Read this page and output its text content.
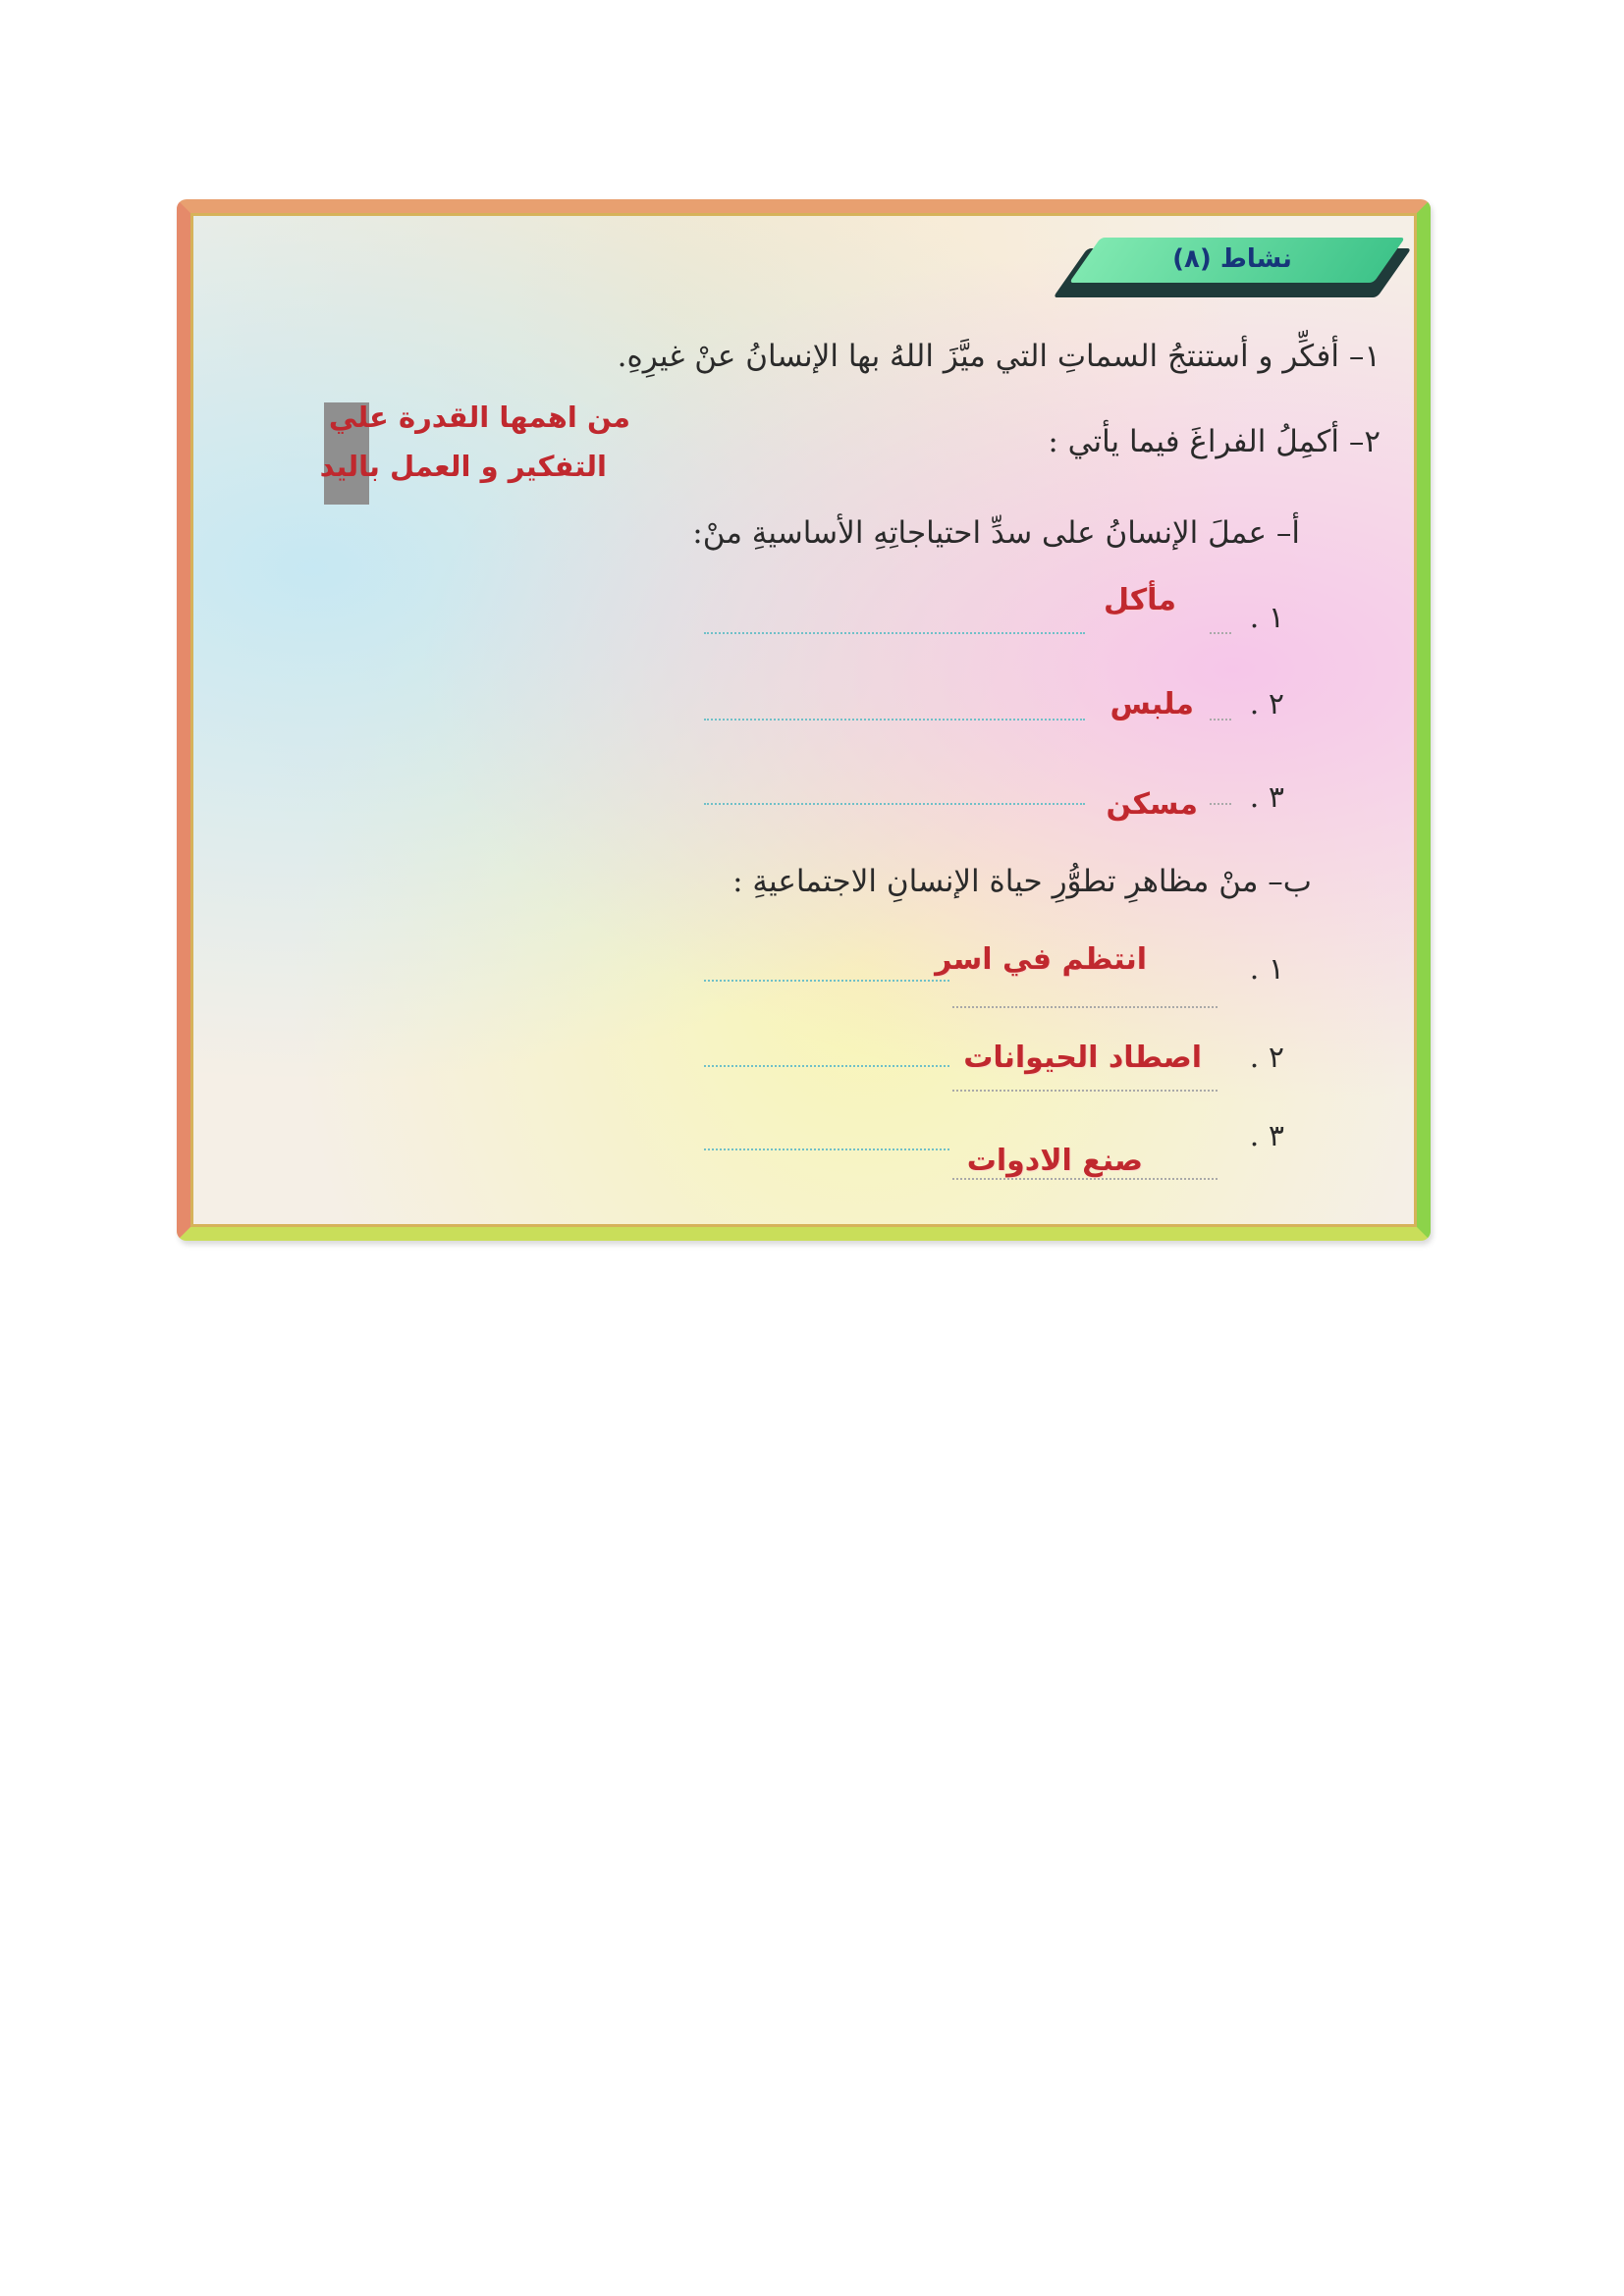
نشاط (٨)
١– أفكِّر و أستنتجُ السماتِ التي ميَّزَ اللهُ بها الإنسانُ عنْ غيرِهِ.
من اهمها القدرة علي
التفكير و العمل باليد
٢– أكمِلُ الفراغَ فيما يأتي :
أ– عملَ الإنسانُ على سدِّ احتياجاتِهِ الأساسيةِ منْ:
١ .
مأكل
٢ .
ملبس
٣ .
مسكن
ب– منْ مظاهرِ تطوُّرِ حياة الإنسانِ الاجتماعيةِ :
١ .
انتظم في اسر
٢ .
اصطاد الحيوانات
٣ .
صنع الادوات
